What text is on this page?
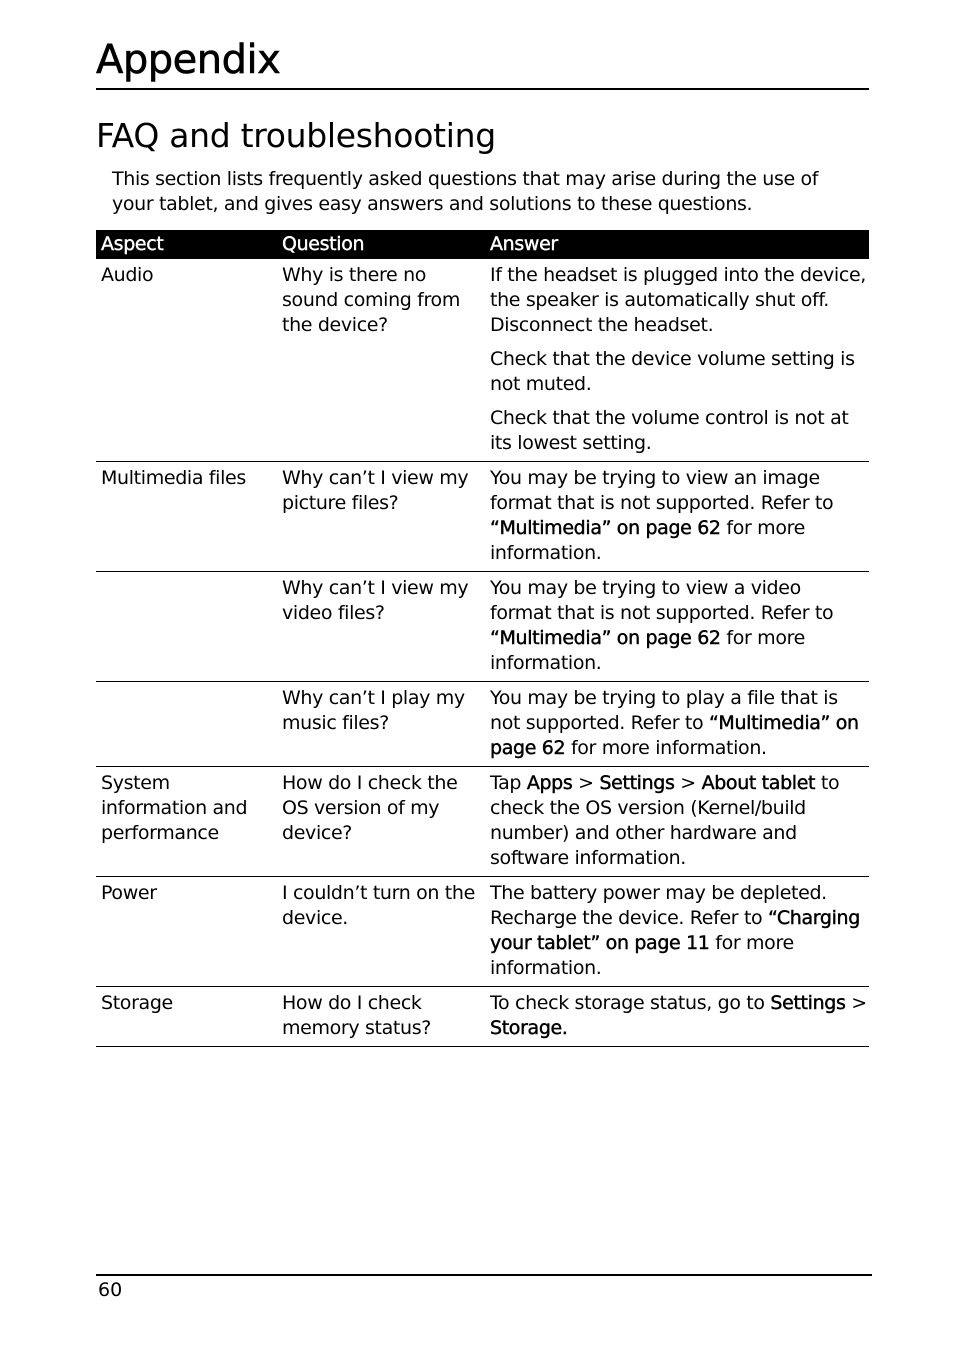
Appendix
FAQ and troubleshooting

This section lists frequently asked questions that may arise during the use of your tablet, and gives easy answers and solutions to these questions.

Aspect	Question	Answer
Audio	Why is there no sound coming from the device?	If the headset is plugged into the device, the speaker is automatically shut off. Disconnect the headset.

Check that the device volume setting is not muted.

Check that the volume control is not at its lowest setting.

Multimedia files	Why can’t I view my picture files?	You may be trying to view an image format that is not supported. Refer to “Multimedia” on page 62 for more information.
	Why can’t I view my video files?	You may be trying to view a video format that is not supported. Refer to “Multimedia” on page 62 for more information.
	Why can’t I play my music files?	You may be trying to play a file that is not supported. Refer to “Multimedia” on page 62 for more information.
System information and performance	How do I check the OS version of my device?	Tap Apps > Settings > About tablet to check the OS version (Kernel/build number) and other hardware and software information.
Power	I couldn’t turn on the device.	The battery power may be depleted. Recharge the device. Refer to “Charging your tablet” on page 11 for more information.
Storage	How do I check memory status?	To check storage status, go to Settings > Storage.
60
